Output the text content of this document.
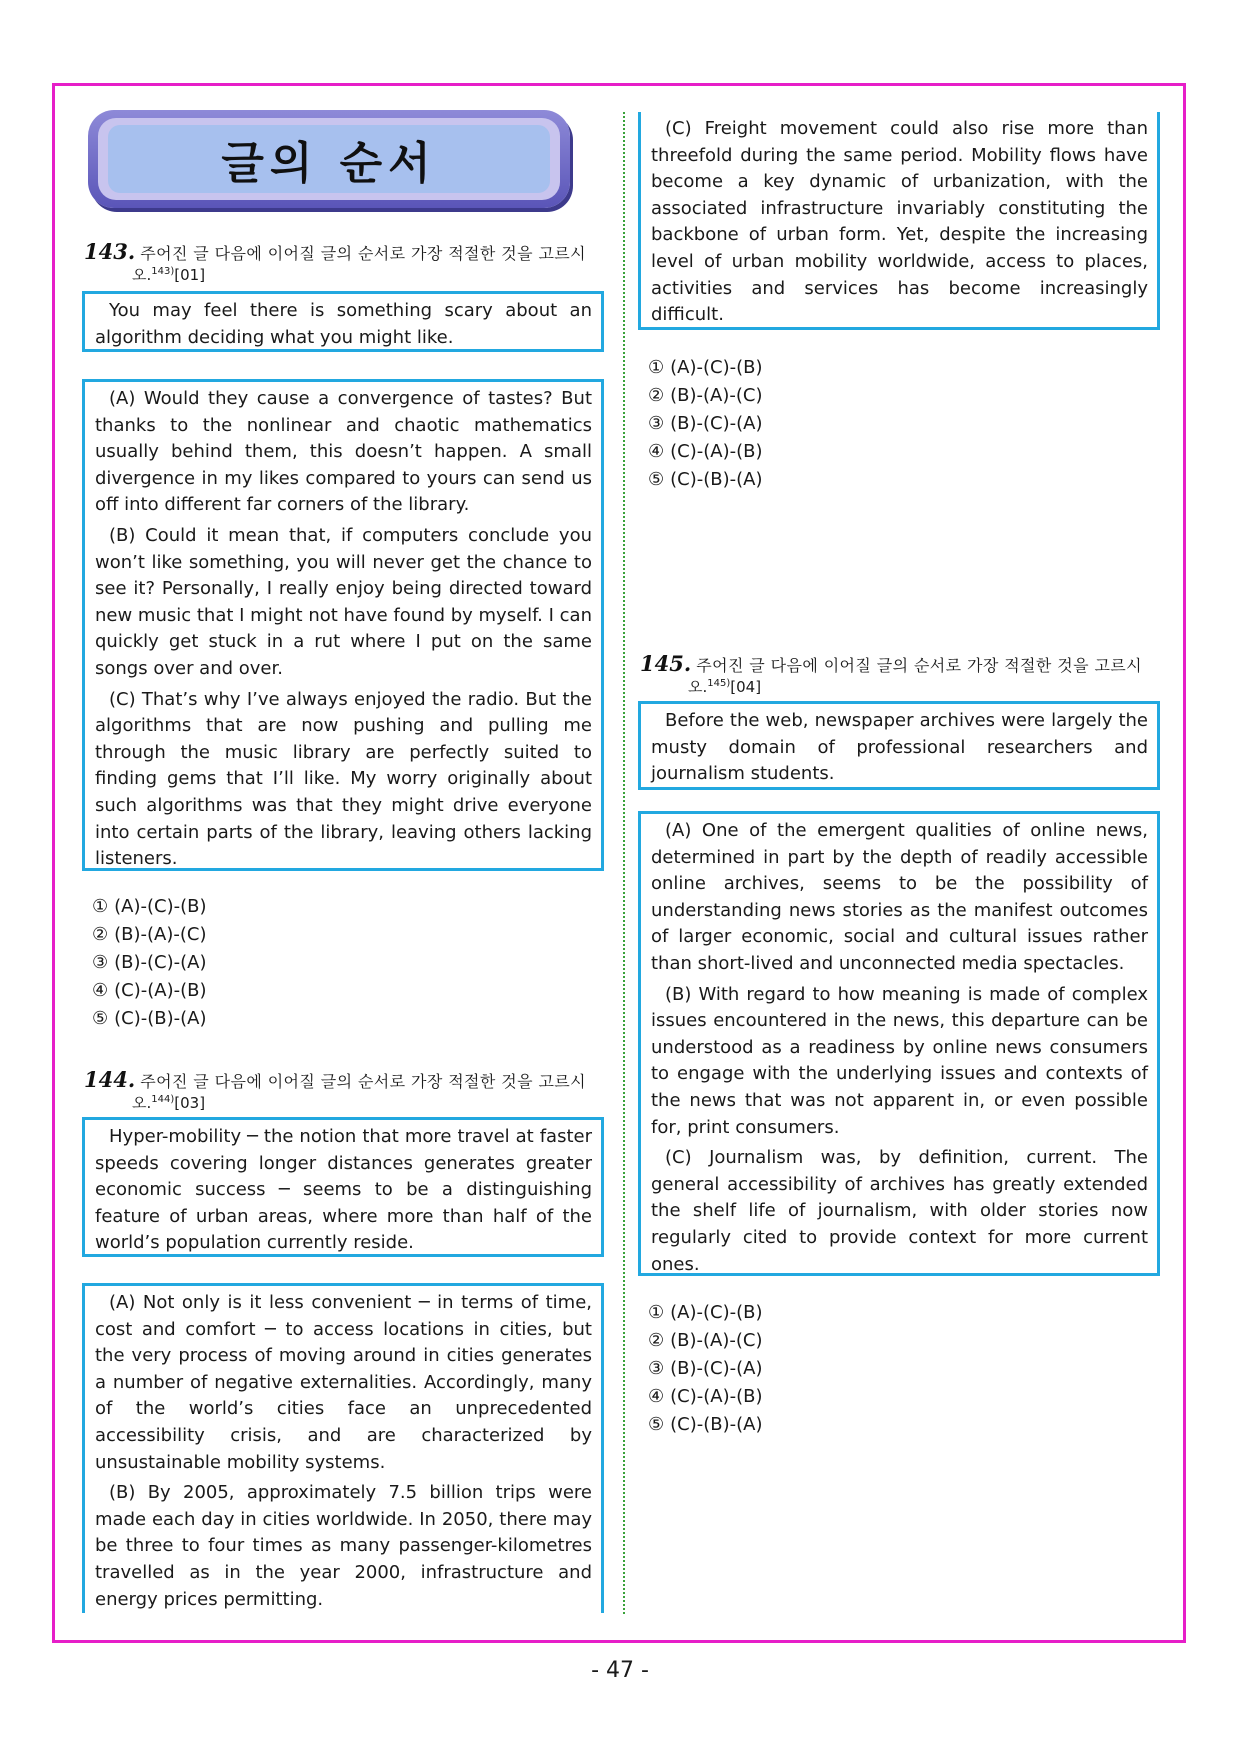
글의 순서
143. 주어진 글 다음에 이어질 글의 순서로 가장 적절한 것을 고르시
오.$^{143)}$[01]

You may feel there is something scary about an algorithm deciding what you might like.

(A) Would they cause a convergence of tastes? But thanks to the nonlinear and chaotic mathematics usually behind them, this doesn’t happen. A small divergence in my likes compared to yours can send us off into different far corners of the library.

(B) Could it mean that, if computers conclude you won’t like something, you will never get the chance to see it? Personally, I really enjoy being directed toward new music that I might not have found by myself. I can quickly get stuck in a rut where I put on the same songs over and over.

(C) That’s why I’ve always enjoyed the radio. But the algorithms that are now pushing and pulling me through the music library are perfectly suited to finding gems that I’ll like. My worry originally about such algorithms was that they might drive everyone into certain parts of the library, leaving others lacking listeners.

① (A)-(C)-(B)② (B)-(A)-(C)
③ (B)-(C)-(A)④ (C)-(A)-(B)
⑤ (C)-(B)-(A)
144. 주어진 글 다음에 이어질 글의 순서로 가장 적절한 것을 고르시
오.$^{144)}$[03]

Hyper-mobility ─ the notion that more travel at faster speeds covering longer distances generates greater economic success ─ seems to be a distinguishing feature of urban areas, where more than half of the world’s population currently reside.

(A) Not only is it less convenient ─ in terms of time, cost and comfort ─ to access locations in cities, but the very process of moving around in cities generates a number of negative externalities. Accordingly, many of the world’s cities face an unprecedented accessibility crisis, and are characterized by unsustainable mobility systems.

(B) By 2005, approximately 7.5 billion trips were made each day in cities worldwide. In 2050, there may be three to four times as many passenger-kilometres travelled as in the year 2000, infrastructure and energy prices permitting.

(C) Freight movement could also rise more than threefold during the same period. Mobility flows have become a key dynamic of urbanization, with the associated infrastructure invariably constituting the backbone of urban form. Yet, despite the increasing level of urban mobility worldwide, access to places, activities and services has become increasingly difficult.

① (A)-(C)-(B)② (B)-(A)-(C)
③ (B)-(C)-(A)④ (C)-(A)-(B)
⑤ (C)-(B)-(A)
145. 주어진 글 다음에 이어질 글의 순서로 가장 적절한 것을 고르시
오.$^{145)}$[04]

Before the web, newspaper archives were largely the musty domain of professional researchers and journalism students.

(A) One of the emergent qualities of online news, determined in part by the depth of readily accessible online archives, seems to be the possibility of understanding news stories as the manifest outcomes of larger economic, social and cultural issues rather than short-lived and unconnected media spectacles.

(B) With regard to how meaning is made of complex issues encountered in the news, this departure can be understood as a readiness by online news consumers to engage with the underlying issues and contexts of the news that was not apparent in, or even possible for, print consumers.

(C) Journalism was, by definition, current. The general accessibility of archives has greatly extended the shelf life of journalism, with older stories now regularly cited to provide context for more current ones.

① (A)-(C)-(B)② (B)-(A)-(C)
③ (B)-(C)-(A)④ (C)-(A)-(B)
⑤ (C)-(B)-(A)
- 47 -
